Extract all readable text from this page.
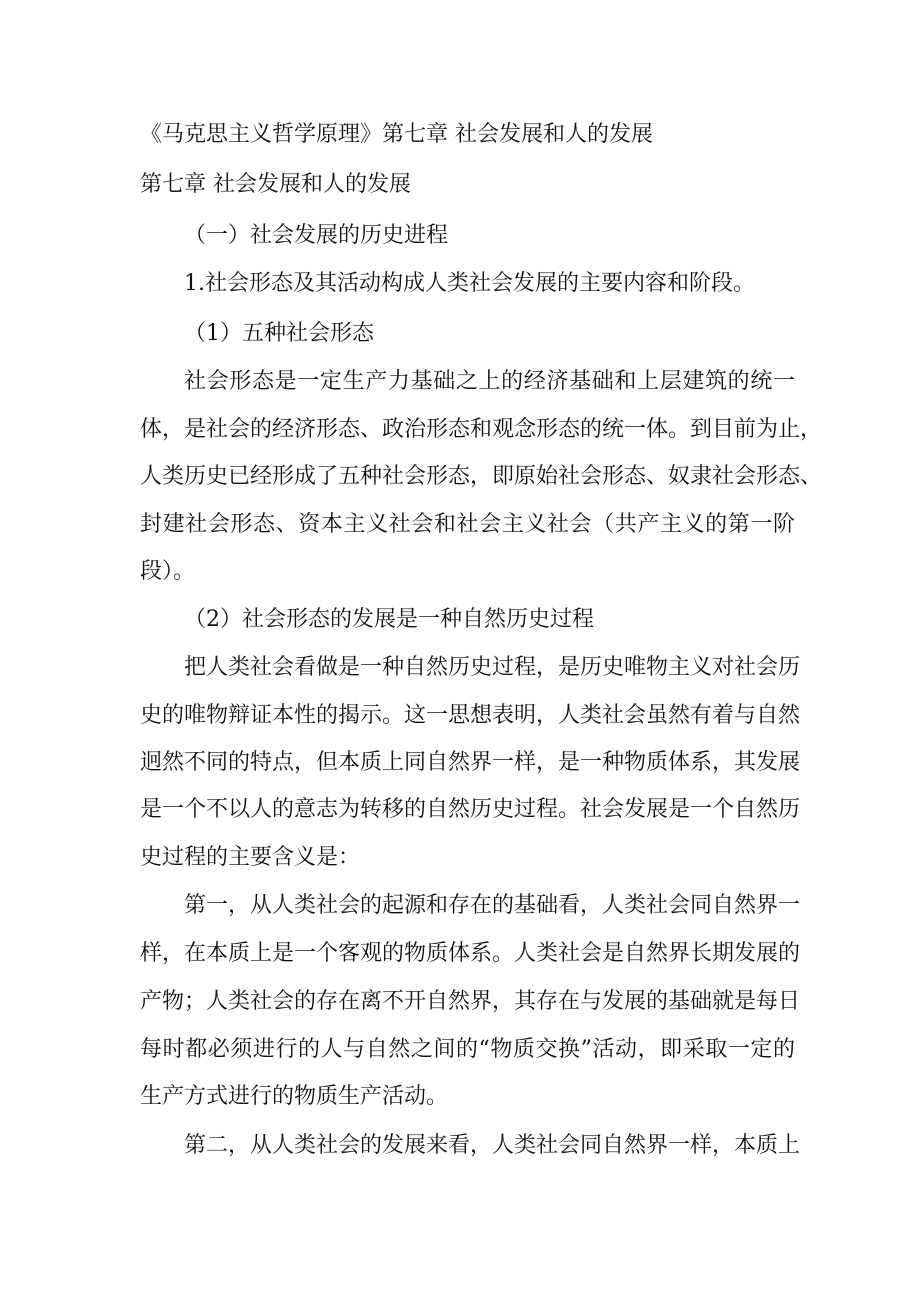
《马克思主义哲学原理》第七章 社会发展和人的发展
第七章 社会发展和人的发展
（一）社会发展的历史进程
1.社会形态及其活动构成人类社会发展的主要内容和阶段。
（1）五种社会形态
社会形态是一定生产力基础之上的经济基础和上层建筑的统一
体，是社会的经济形态、政治形态和观念形态的统一体。到目前为止，
人类历史已经形成了五种社会形态，即原始社会形态、奴隶社会形态、
封建社会形态、资本主义社会和社会主义社会（共产主义的第一阶
段）。
（2）社会形态的发展是一种自然历史过程
把人类社会看做是一种自然历史过程，是历史唯物主义对社会历
史的唯物辩证本性的揭示。这一思想表明，人类社会虽然有着与自然
迥然不同的特点，但本质上同自然界一样，是一种物质体系，其发展
是一个不以人的意志为转移的自然历史过程。社会发展是一个自然历
史过程的主要含义是：
第一，从人类社会的起源和存在的基础看，人类社会同自然界一
样，在本质上是一个客观的物质体系。人类社会是自然界长期发展的
产物；人类社会的存在离不开自然界，其存在与发展的基础就是每日
每时都必须进行的人与自然之间的“物质交换”活动，即采取一定的
生产方式进行的物质生产活动。
第二，从人类社会的发展来看，人类社会同自然界一样，本质上
